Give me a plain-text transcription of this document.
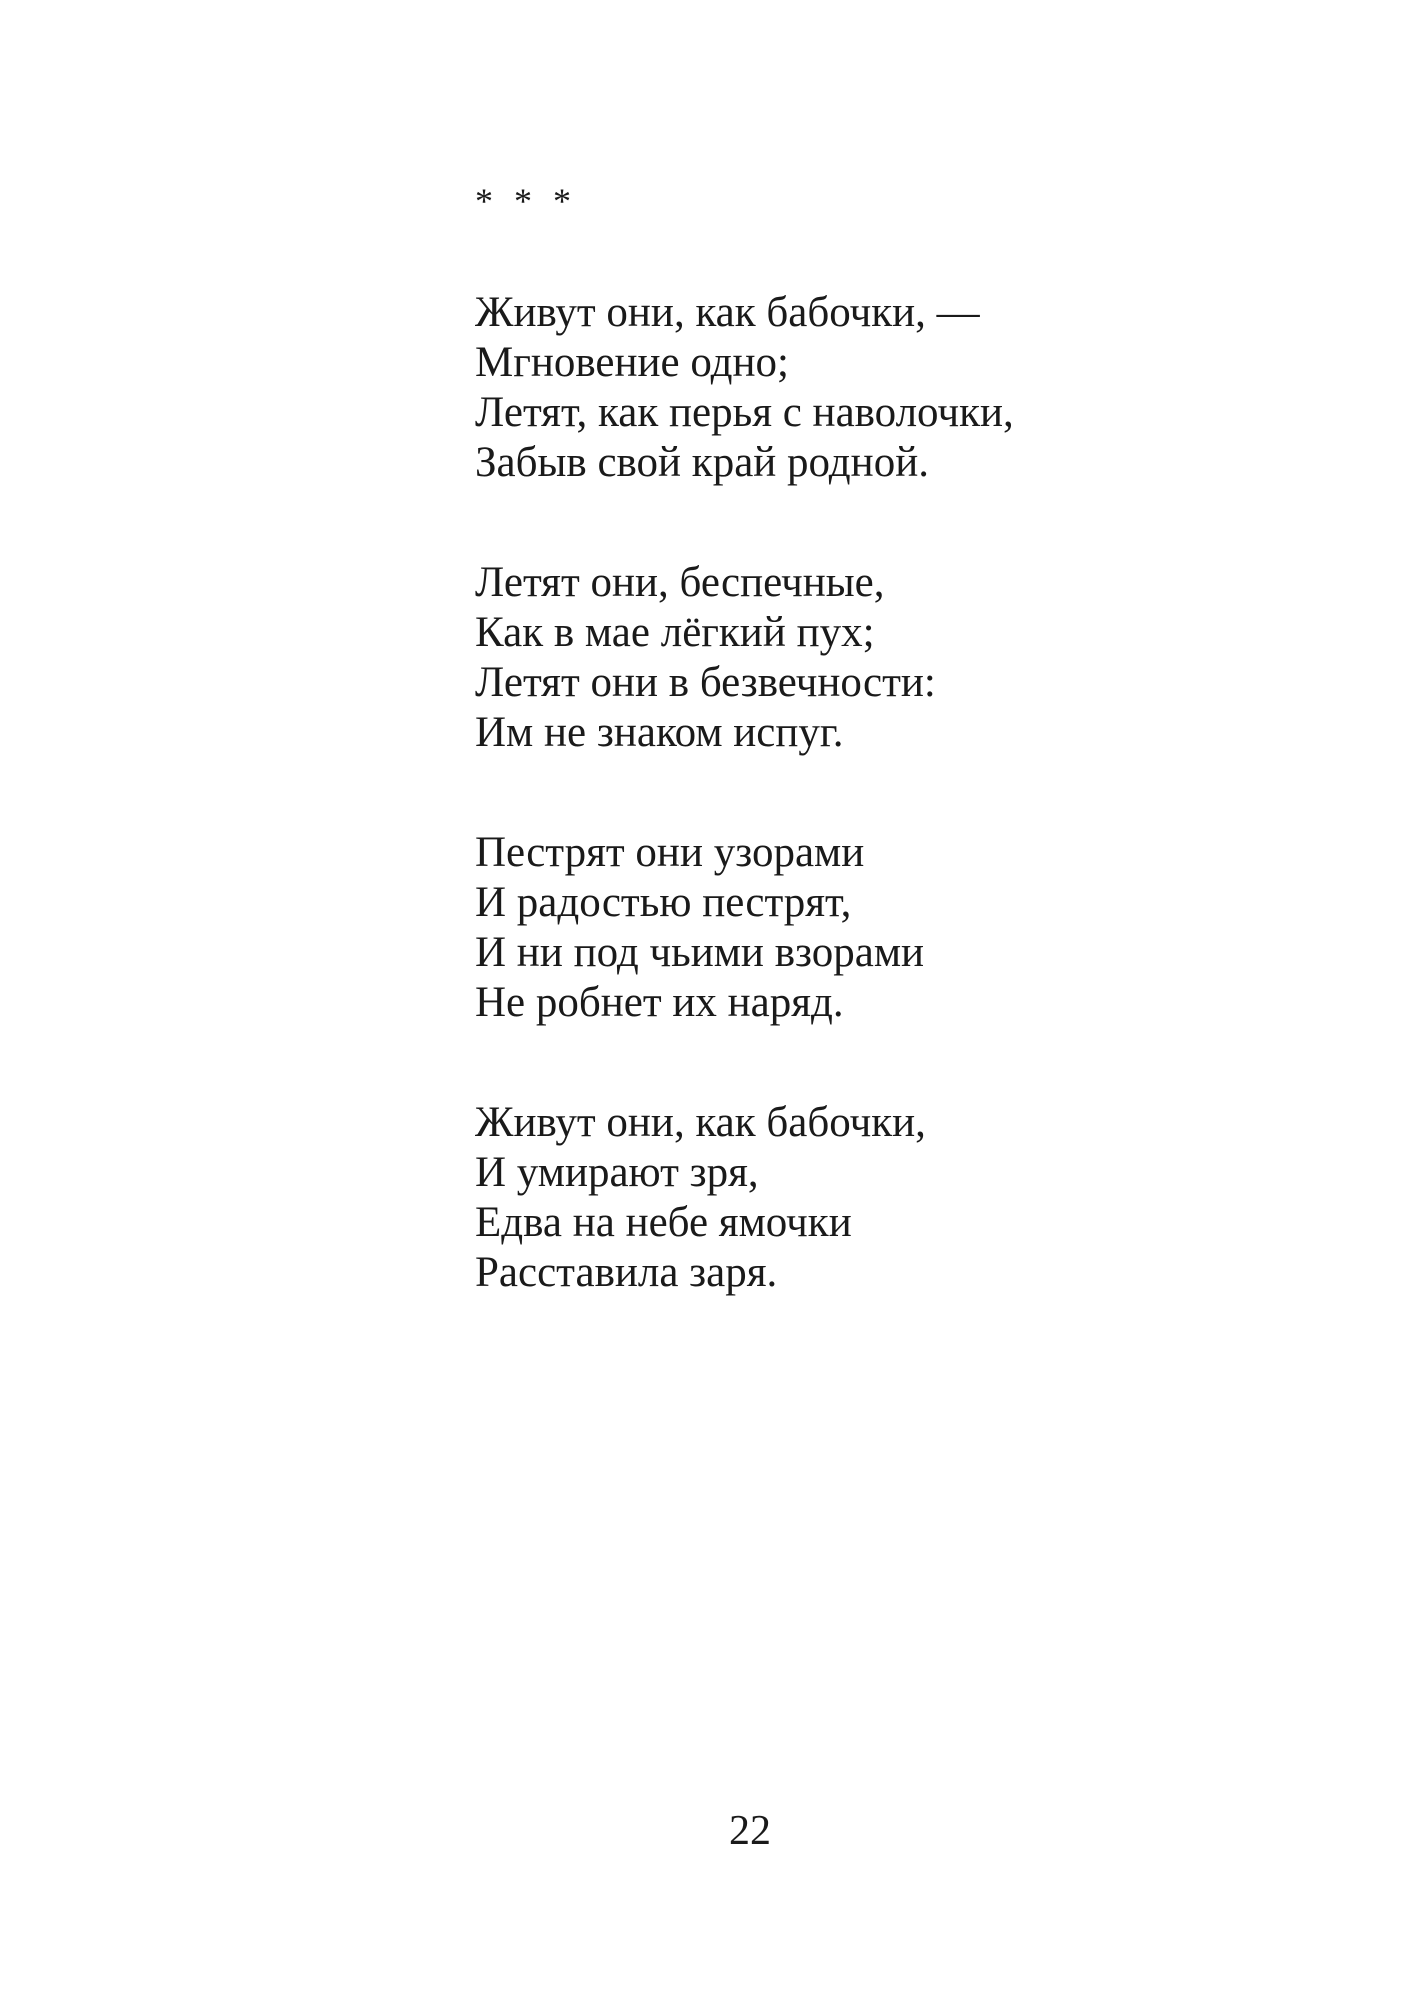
* * *
Живут они, как бабочки, —
Мгновение одно;
Летят, как перья с наволочки,
Забыв свой край родной.
Летят они, беспечные,
Как в мае лёгкий пух;
Летят они в безвечности:
Им не знаком испуг.
Пестрят они узорами
И радостью пестрят,
И ни под чьими взорами
Не робнет их наряд.
Живут они, как бабочки,
И умирают зря,
Едва на небе ямочки
Расставила заря.
22
